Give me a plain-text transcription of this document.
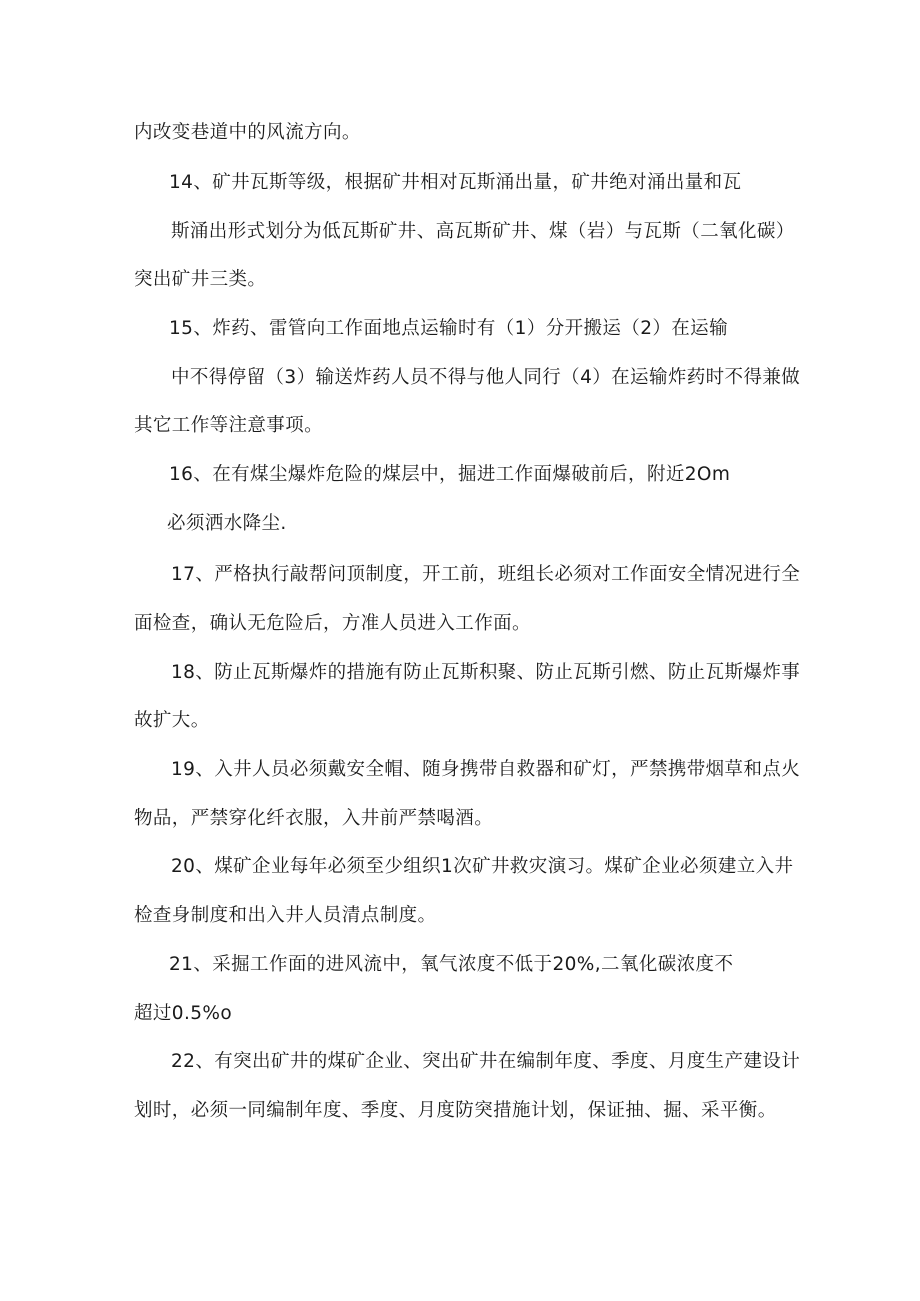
内改变巷道中的风流方向。
14、矿井瓦斯等级，根据矿井相对瓦斯涌出量，矿井绝对涌出量和瓦
斯涌出形式划分为低瓦斯矿井、高瓦斯矿井、煤（岩）与瓦斯（二氧化碳）
突出矿井三类。
15、炸药、雷管向工作面地点运输时有（1）分开搬运（2）在运输
中不得停留（3）输送炸药人员不得与他人同行（4）在运输炸药时不得兼做
其它工作等注意事项。
16、在有煤尘爆炸危险的煤层中，掘进工作面爆破前后，附近2Om
必须洒水降尘.
17、严格执行敲帮问顶制度，开工前，班组长必须对工作面安全情况进行全
面检查，确认无危险后，方准人员进入工作面。
18、防止瓦斯爆炸的措施有防止瓦斯积聚、防止瓦斯引燃、防止瓦斯爆炸事
故扩大。
19、入井人员必须戴安全帽、随身携带自救器和矿灯，严禁携带烟草和点火
物品，严禁穿化纤衣服，入井前严禁喝酒。
20、煤矿企业每年必须至少组织1次矿井救灾演习。煤矿企业必须建立入井
检查身制度和出入井人员清点制度。
21、采掘工作面的进风流中，氧气浓度不低于20%,二氧化碳浓度不
超过0.5%o
22、有突出矿井的煤矿企业、突出矿井在编制年度、季度、月度生产建设计
划时，必须一同编制年度、季度、月度防突措施计划，保证抽、掘、采平衡。
